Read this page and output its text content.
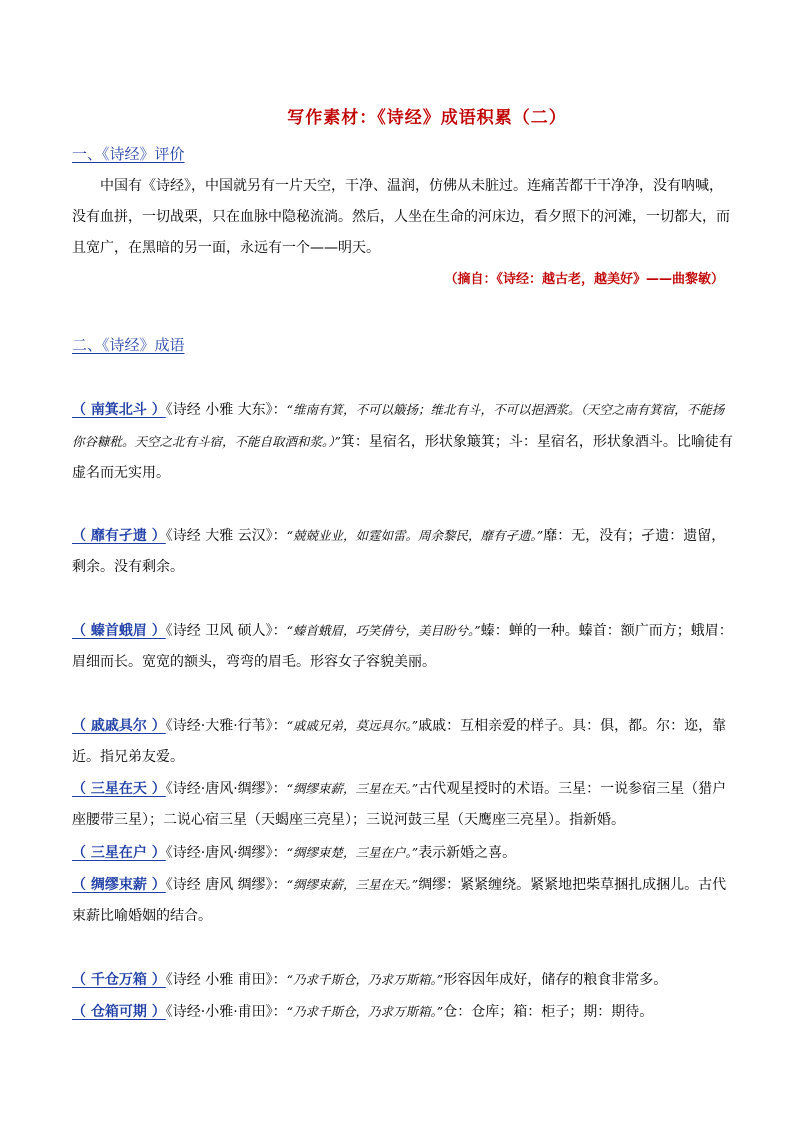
写作素材：《诗经》成语积累（二）
一、《诗经》评价
中国有《诗经》，中国就另有一片天空，干净、温润，仿佛从未脏过。连痛苦都干干净净，没有呐喊，没有血拼，一切战栗，只在血脉中隐秘流淌。然后，人坐在生命的河床边，看夕照下的河滩，一切都大，而且宽广，在黑暗的另一面，永远有一个——明天。
（摘自：《诗经：越古老，越美好》——曲黎敏）
二、《诗经》成语
（ 南箕北斗 ）《诗经 小雅 大东》：“维南有箕，不可以簸扬；维北有斗，不可以挹酒浆。（天空之南有箕宿，不能扬你谷糠秕。天空之北有斗宿，不能自取酒和浆。）”箕：星宿名，形状象簸箕；斗：星宿名，形状象酒斗。比喻徒有虚名而无实用。
（ 靡有孑遗 ）《诗经 大雅 云汉》：“兢兢业业，如霆如雷。周余黎民，靡有孑遗。”靡：无，没有；孑遗：遗留，剩余。没有剩余。
（ 螓首蛾眉 ）《诗经 卫风 硕人》：“螓首蛾眉，巧笑倩兮，美目盼兮。”螓：蝉的一种。螓首：额广而方；蛾眉：眉细而长。宽宽的额头，弯弯的眉毛。形容女子容貌美丽。
（ 戚戚具尔 ）《诗经·大雅·行苇》：“戚戚兄弟，莫远具尔。”戚戚：互相亲爱的样子。具：俱，都。尔：迩，靠近。指兄弟友爱。
（ 三星在天 ）《诗经·唐风·绸缪》：“绸缪束薪，三星在天。”古代观星授时的术语。三星：一说参宿三星（猎户座腰带三星）；二说心宿三星（天蝎座三亮星）；三说河鼓三星（天鹰座三亮星）。指新婚。
（ 三星在户 ）《诗经·唐风·绸缪》：“绸缪束楚，三星在户。”表示新婚之喜。
（ 绸缪束薪 ）《诗经 唐风 绸缪》：“绸缪束薪，三星在天。”绸缪：紧紧缠绕。紧紧地把柴草捆扎成捆儿。古代束薪比喻婚姻的结合。
（ 千仓万箱 ）《诗经 小雅 甫田》：“乃求千斯仓，乃求万斯箱。”形容因年成好，储存的粮食非常多。
（ 仓箱可期 ）《诗经·小雅·甫田》：“乃求千斯仓，乃求万斯箱。”仓：仓库；箱：柜子；期：期待。
